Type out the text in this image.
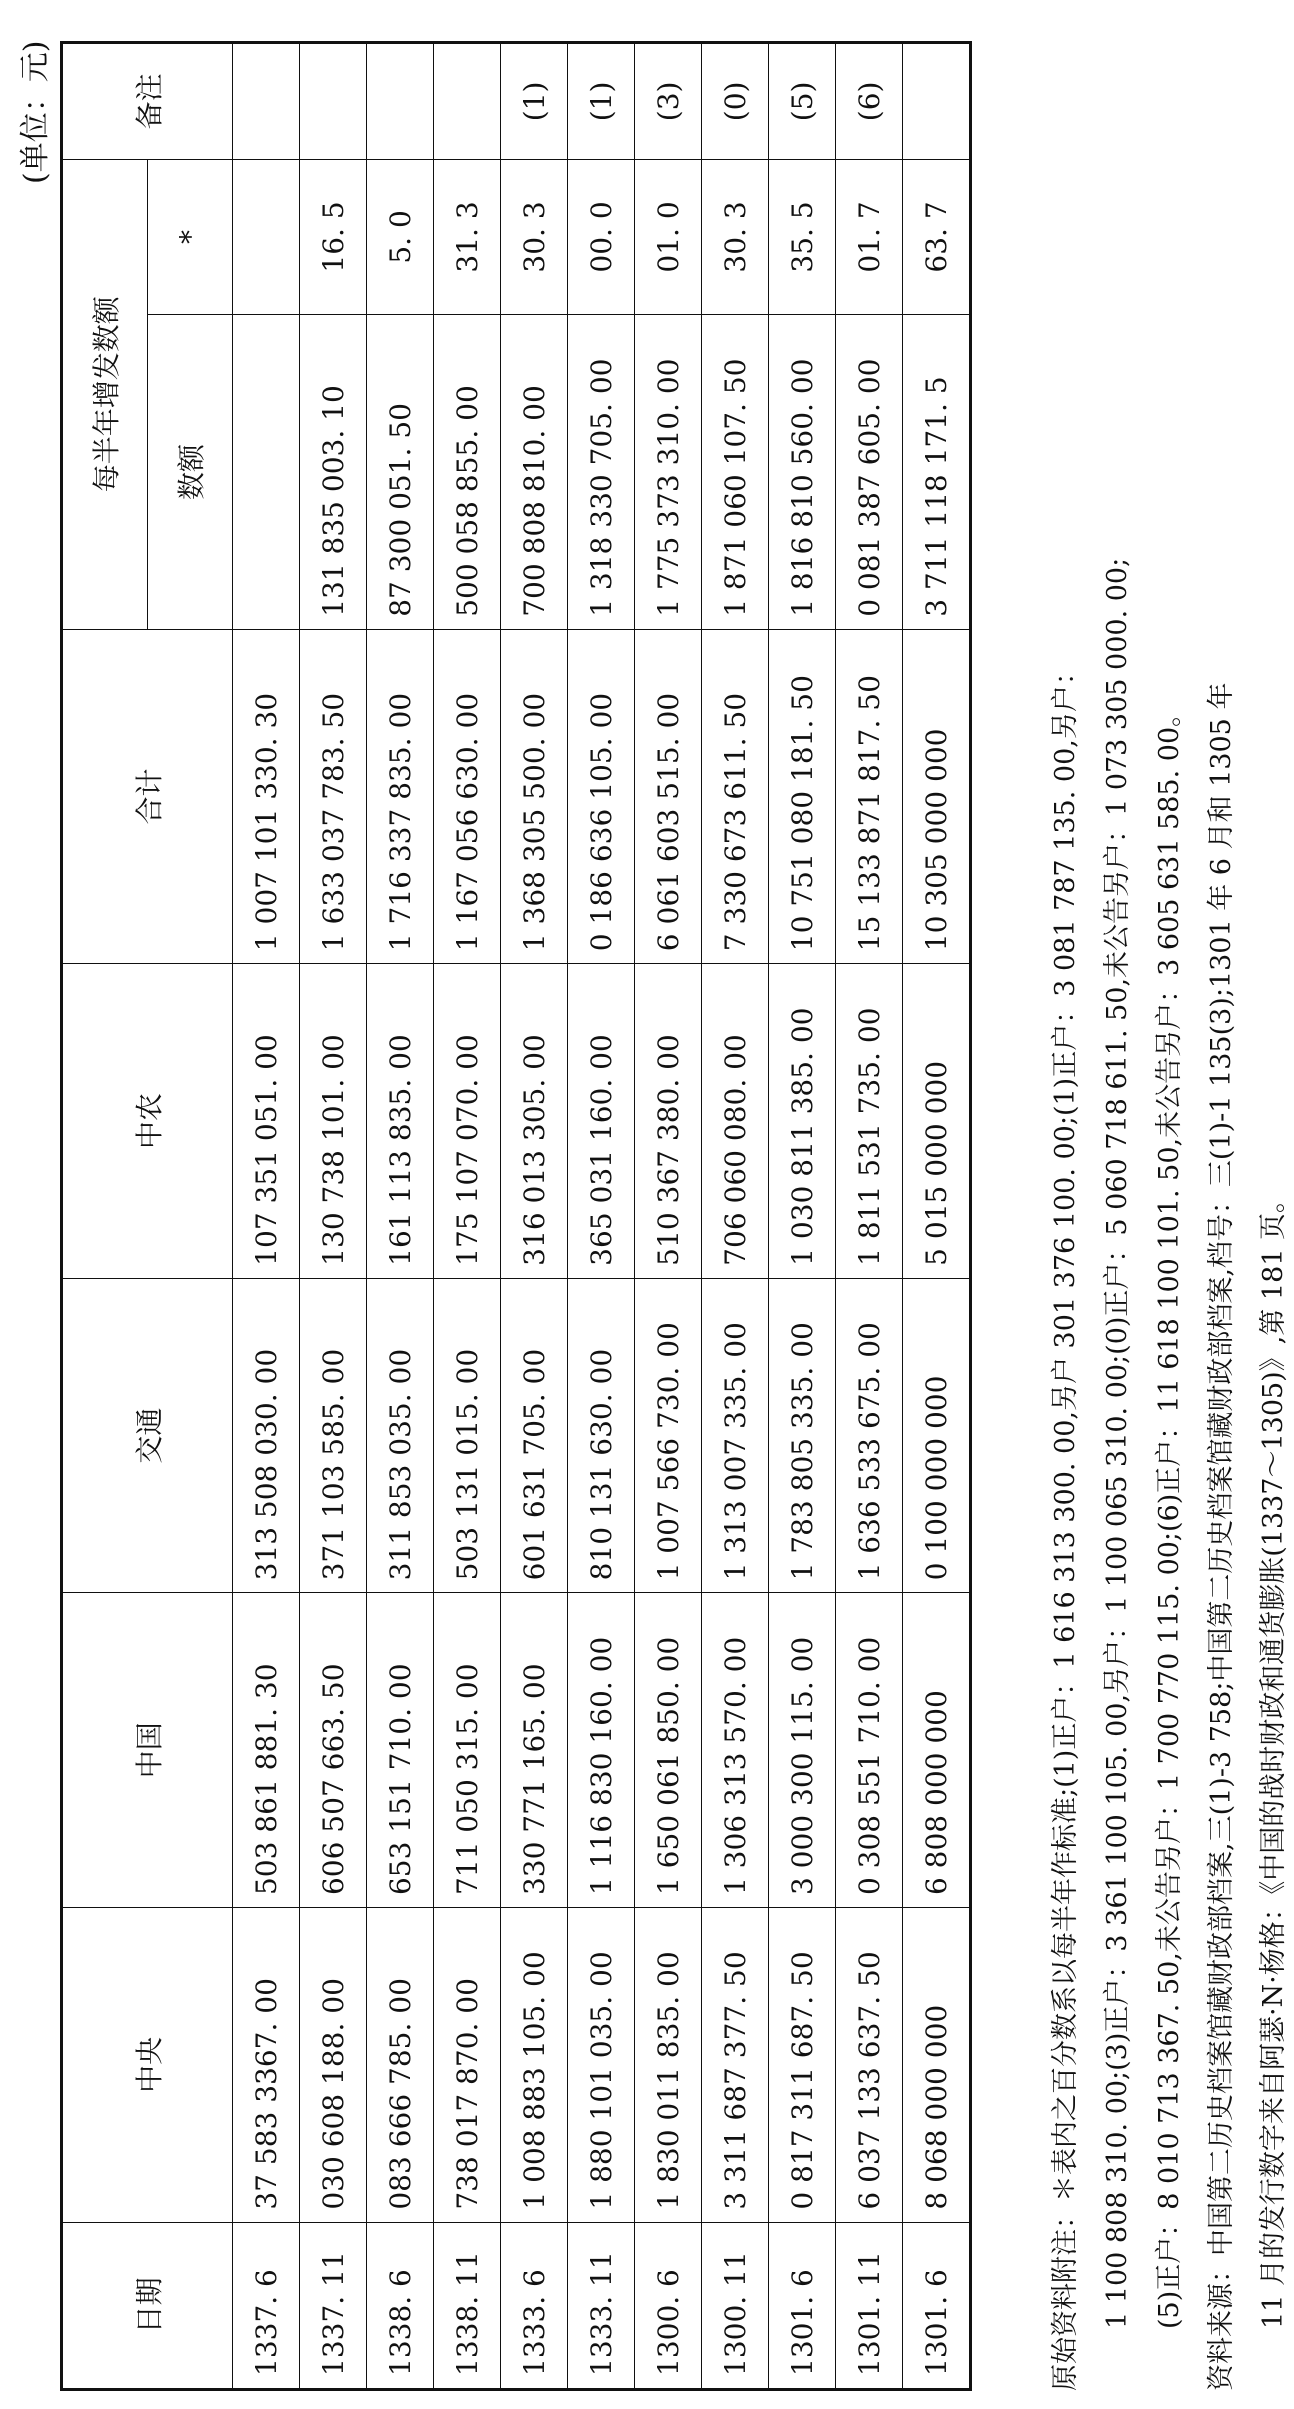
(单位：元)
日期	中央	中国	交通	中农	合计	每半年增发数额		备注
						数额	*	
1337. 6	37 583 3367. 00	503 861 881. 30	313 508 030. 00	107 351 051. 00	1 007 101 330. 30			
1337. 11	030 608 188. 00	606 507 663. 50	371 103 585. 00	130 738 101. 00	1 633 037 783. 50	131 835 003. 10	16. 5	
1338. 6	083 666 785. 00	653 151 710. 00	311 853 035. 00	161 113 835. 00	1 716 337 835. 00	87 300 051. 50	5. 0	
1338. 11	738 017 870. 00	711 050 315. 00	503 131 015. 00	175 107 070. 00	1 167 056 630. 00	500 058 855. 00	31. 3	
1333. 6	1 008 883 105. 00	330 771 165. 00	601 631 705. 00	316 013 305. 00	1 368 305 500. 00	700 808 810. 00	30. 3	(1)
1333. 11	1 880 101 035. 00	1 116 830 160. 00	810 131 630. 00	365 031 160. 00	0 186 636 105. 00	1 318 330 705. 00	00. 0	(1)
1300. 6	1 830 011 835. 00	1 650 061 850. 00	1 007 566 730. 00	510 367 380. 00	6 061 603 515. 00	1 775 373 310. 00	01. 0	(3)
1300. 11	3 311 687 377. 50	1 306 313 570. 00	1 313 007 335. 00	706 060 080. 00	7 330 673 611. 50	1 871 060 107. 50	30. 3	(0)
1301. 6	0 817 311 687. 50	3 000 300 115. 00	1 783 805 335. 00	1 030 811 385. 00	10 751 080 181. 50	1 816 810 560. 00	35. 5	(5)
1301. 11	6 037 133 637. 50	0 308 551 710. 00	1 636 533 675. 00	1 811 531 735. 00	15 133 871 817. 50	0 081 387 605. 00	01. 7	(6)
1301. 6	8 068 000 000	6 808 000 000	0 100 000 000	5 015 000 000	10 305 000 000	3 711 118 171. 5	63. 7	

原始资料附注：＊表内之百分数系以每半年作标准;(1)正户：1 616 313 300. 00,另户 301 376 100. 00;(1)正户：3 081 787 135. 00,另户： 1 100 808 310. 00;(3)正户：3 361 100 105. 00,另户：1 100 065 310. 00;(0)正户：5 060 718 611. 50,未公告另户：1 073 305 000. 00; (5)正户：8 010 713 367. 50,未公告另户：1 700 770 115. 00;(6)正户：11 618 100 101. 50,未公告另户：3 605 631 585. 00。 资料来源：中国第二历史档案馆藏财政部档案,三(1)-3 758;中国第二历史档案馆藏财政部档案,档号：三(1)-1 135(3);1301 年 6 月和 1305 年 11 月的发行数字来自阿瑟·N·杨格：《中国的战时财政和通货膨胀(1337～1305)》,第 181 页。
